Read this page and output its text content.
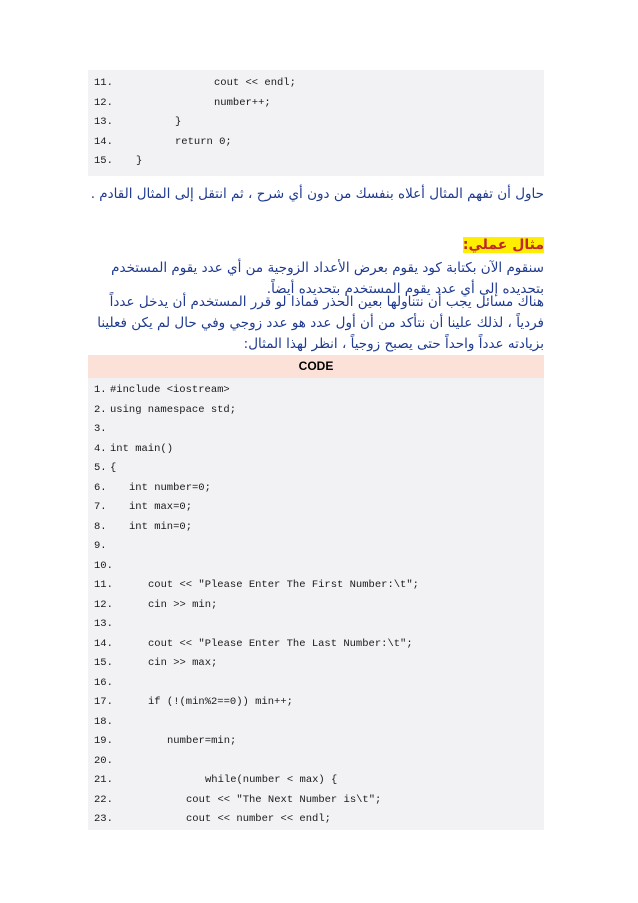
11.	cout << endl;
12.	number++;
13.	}
14.	return 0;
15. }
حاول أن تفهم المثال أعلاه بنفسك من دون أي شرح ، ثم انتقل إلى المثال القادم .
مثال عملي:
سنقوم الآن بكتابة كود يقوم بعرض الأعداد الزوجية من أي عدد يقوم المستخدم بتحديده إلى أي عدد يقوم المستخدم بتحديده أيضاً.
هناك مسائل يجب أن نتناولها بعين الحذر فماذا لو قرر المستخدم أن يدخل عدداً فردياً ، لذلك علينا أن نتأكد من أن أول عدد هو عدد زوجي وفي حال لم يكن فعلينا بزيادته عدداً واحداً حتى يصبح زوجياً ، انظر لهذا المثال:
CODE
1. #include <iostream>
2. using namespace std;
3.
4. int main()
5. {
6. int number=0;
7. int max=0;
8. int min=0;
9.
10.
11.	cout << "Please Enter The First Number:\t";
12.	cin >> min;
13.
14.	cout << "Please Enter The Last Number:\t";
15.	cin >> max;
16.
17.	if (!(min%2==0)) min++;
18.
19.	number=min;
20.
21.	while(number < max) {
22.	cout << "The Next Number is\t";
23.	cout << number << endl;
